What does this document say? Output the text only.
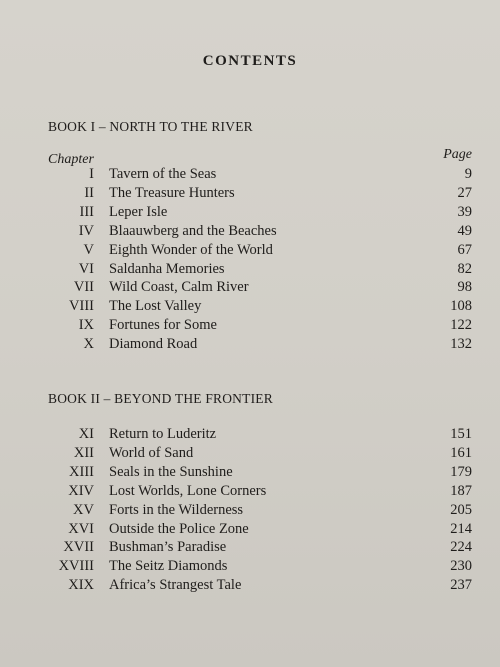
CONTENTS
BOOK I – NORTH TO THE RIVER
Chapter	Page
I Tavern of the Seas	9
II The Treasure Hunters	27
III Leper Isle	39
IV Blaauwberg and the Beaches	49
V Eighth Wonder of the World	67
VI Saldanha Memories	82
VII Wild Coast, Calm River	98
VIII The Lost Valley	108
IX Fortunes for Some	122
X Diamond Road	132
BOOK II – BEYOND THE FRONTIER
XI Return to Luderitz	151
XII World of Sand	161
XIII Seals in the Sunshine	179
XIV Lost Worlds, Lone Corners	187
XV Forts in the Wilderness	205
XVI Outside the Police Zone	214
XVII Bushman’s Paradise	224
XVIII The Seitz Diamonds	230
XIX Africa’s Strangest Tale	237
